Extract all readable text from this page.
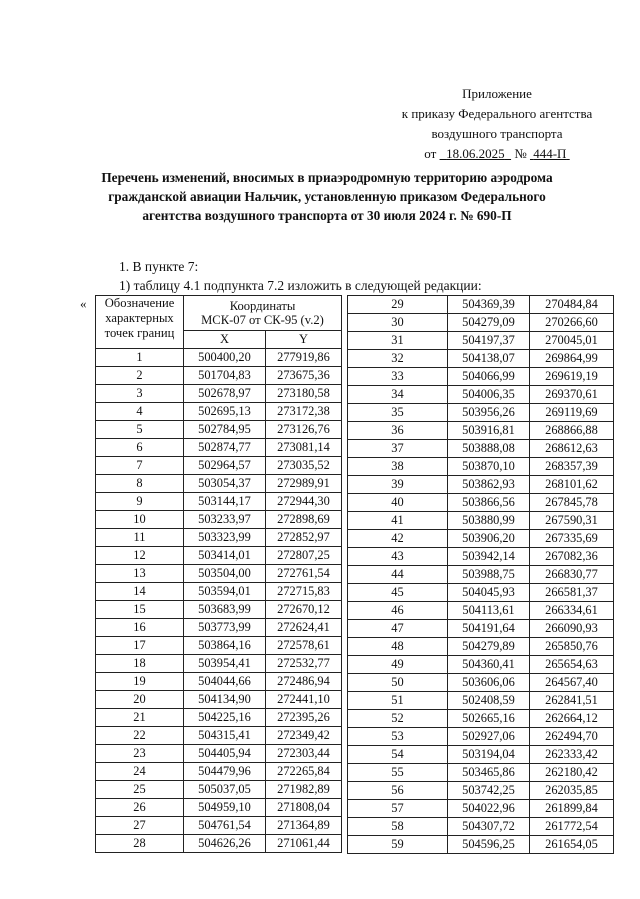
Приложение
к приказу Федерального агентства
воздушного транспорта
от 18.06.2025 № 444-П
Перечень изменений, вносимых в приаэродромную территорию аэродрома
гражданской авиации Нальчик, установленную приказом Федерального
агентства воздушного транспорта от 30 июля 2024 г. № 690-П
1. В пункте 7:
1) таблицу 4.1 подпункта 7.2 изложить в следующей редакции:
«	Обозначение
характерных
точек границ	Координаты
МСК-07 от СК-95 (v.2)	

	X	Y
1	500400,20	277919,86
2	501704,83	273675,36
3	502678,97	273180,58
4	502695,13	273172,38
5	502784,95	273126,76
6	502874,77	273081,14
7	502964,57	273035,52
8	503054,37	272989,91
9	503144,17	272944,30
10	503233,97	272898,69
11	503323,99	272852,97
12	503414,01	272807,25
13	503504,00	272761,54
14	503594,01	272715,83
15	503683,99	272670,12
16	503773,99	272624,41
17	503864,16	272578,61
18	503954,41	272532,77
19	504044,66	272486,94
20	504134,90	272441,10
21	504225,16	272395,26
22	504315,41	272349,42
23	504405,94	272303,44
24	504479,96	272265,84
25	505037,05	271982,89
26	504959,10	271808,04
27	504761,54	271364,89
28	504626,26	271061,44
29	504369,39	270484,84
30	504279,09	270266,60
31	504197,37	270045,01
32	504138,07	269864,99
33	504066,99	269619,19
34	504006,35	269370,61
35	503956,26	269119,69
36	503916,81	268866,88
37	503888,08	268612,63
38	503870,10	268357,39
39	503862,93	268101,62
40	503866,56	267845,78
41	503880,99	267590,31
42	503906,20	267335,69
43	503942,14	267082,36
44	503988,75	266830,77
45	504045,93	266581,37
46	504113,61	266334,61
47	504191,64	266090,93
48	504279,89	265850,76
49	504360,41	265654,63
50	503606,06	264567,40
51	502408,59	262841,51
52	502665,16	262664,12
53	502927,06	262494,70
54	503194,04	262333,42
55	503465,86	262180,42
56	503742,25	262035,85
57	504022,96	261899,84
58	504307,72	261772,54
59	504596,25	261654,05
